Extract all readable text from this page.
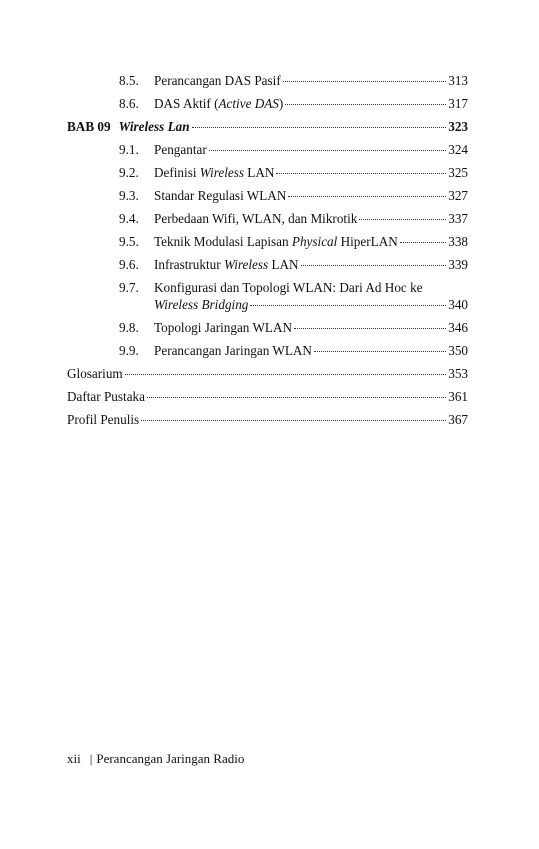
8.5. Perancangan DAS Pasif	313
8.6. DAS Aktif (Active DAS)	317
BAB 09 Wireless Lan	323
9.1. Pengantar	324
9.2. Definisi Wireless LAN	325
9.3. Standar Regulasi WLAN	327
9.4. Perbedaan Wifi, WLAN, dan Mikrotik	337
9.5. Teknik Modulasi Lapisan Physical HiperLAN	338
9.6. Infrastruktur Wireless LAN	339
9.7. Konfigurasi dan Topologi WLAN: Dari Ad Hoc ke
Wireless Bridging	340
9.8. Topologi Jaringan WLAN	346
9.9. Perancangan Jaringan WLAN	350
Glosarium	353
Daftar Pustaka	361
Profil Penulis	367
xii | Perancangan Jaringan Radio
